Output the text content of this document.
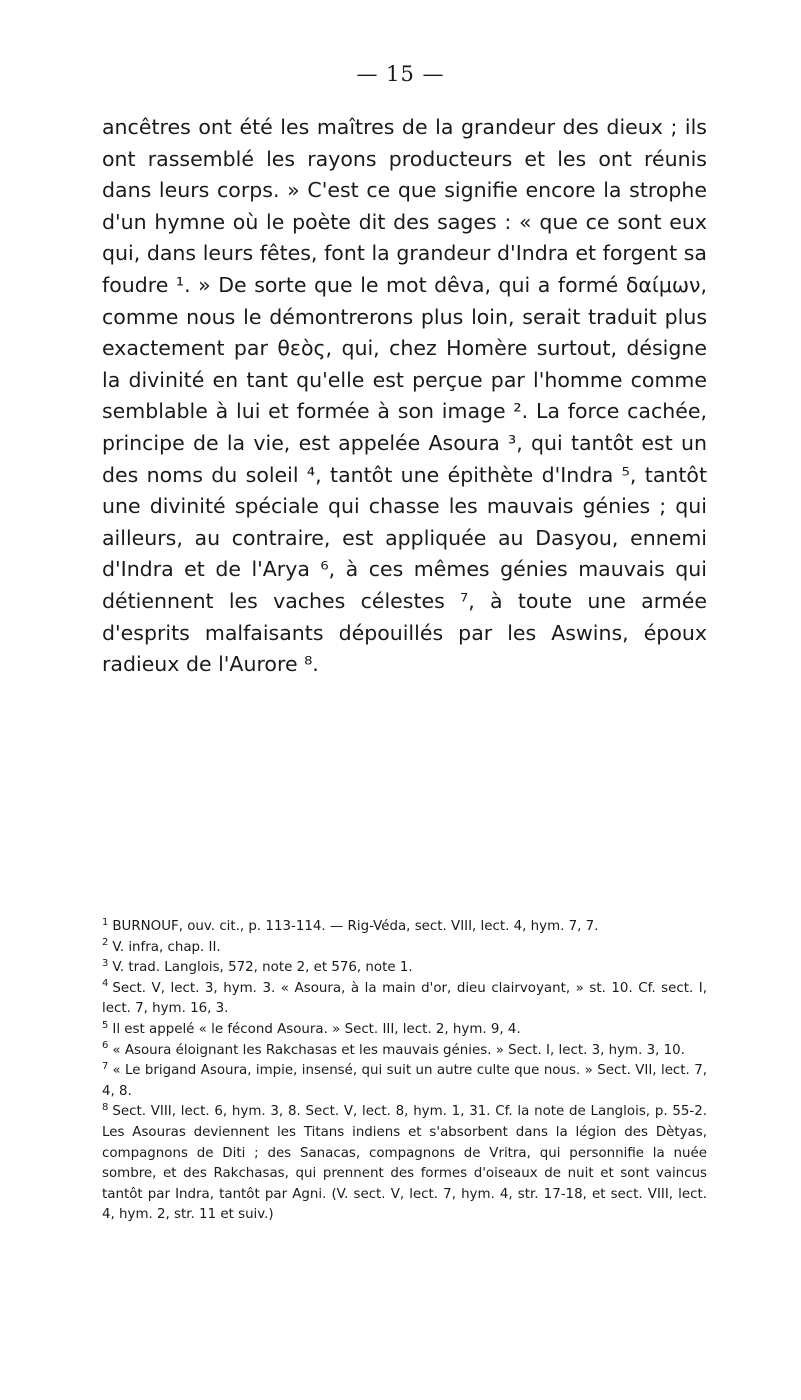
— 15 —

ancêtres ont été les maîtres de la grandeur des dieux ; ils ont rassemblé les rayons producteurs et les ont réunis dans leurs corps. » C'est ce que signifie encore la strophe d'un hymne où le poète dit des sages : « que ce sont eux qui, dans leurs fêtes, font la grandeur d'Indra et forgent sa foudre ¹. » De sorte que le mot dêva, qui a formé δαίμων, comme nous le démontrerons plus loin, serait traduit plus exactement par θεὸς, qui, chez Homère surtout, désigne la divinité en tant qu'elle est perçue par l'homme comme semblable à lui et formée à son image ². La force cachée, principe de la vie, est appelée Asoura ³, qui tantôt est un des noms du soleil ⁴, tantôt une épithète d'Indra ⁵, tantôt une divinité spéciale qui chasse les mauvais génies ; qui ailleurs, au contraire, est appliquée au Dasyou, ennemi d'Indra et de l'Arya ⁶, à ces mêmes génies mauvais qui détiennent les vaches célestes ⁷, à toute une armée d'esprits malfaisants dépouillés par les Aswins, époux radieux de l'Aurore ⁸.

$^1$ BURNOUF, ouv. cit., p. 113-114. — Rig-Véda, sect. VIII, lect. 4, hym. 7, 7.

$^2$ V. infra, chap. II.

$^3$ V. trad. Langlois, 572, note 2, et 576, note 1.

$^4$ Sect. V, lect. 3, hym. 3. « Asoura, à la main d'or, dieu clairvoyant, » st. 10. Cf. sect. I, lect. 7, hym. 16, 3.

$^5$ Il est appelé « le fécond Asoura. » Sect. III, lect. 2, hym. 9, 4.

$^6$ « Asoura éloignant les Rakchasas et les mauvais génies. » Sect. I, lect. 3, hym. 3, 10.

$^7$ « Le brigand Asoura, impie, insensé, qui suit un autre culte que nous. » Sect. VII, lect. 7, 4, 8.

$^8$ Sect. VIII, lect. 6, hym. 3, 8. Sect. V, lect. 8, hym. 1, 31. Cf. la note de Langlois, p. 55-2. Les Asouras deviennent les Titans indiens et s'absorbent dans la légion des Dètyas, compagnons de Diti ; des Sanacas, compagnons de Vritra, qui personnifie la nuée sombre, et des Rakchasas, qui prennent des formes d'oiseaux de nuit et sont vaincus tantôt par Indra, tantôt par Agni. (V. sect. V, lect. 7, hym. 4, str. 17-18, et sect. VIII, lect. 4, hym. 2, str. 11 et suiv.)
